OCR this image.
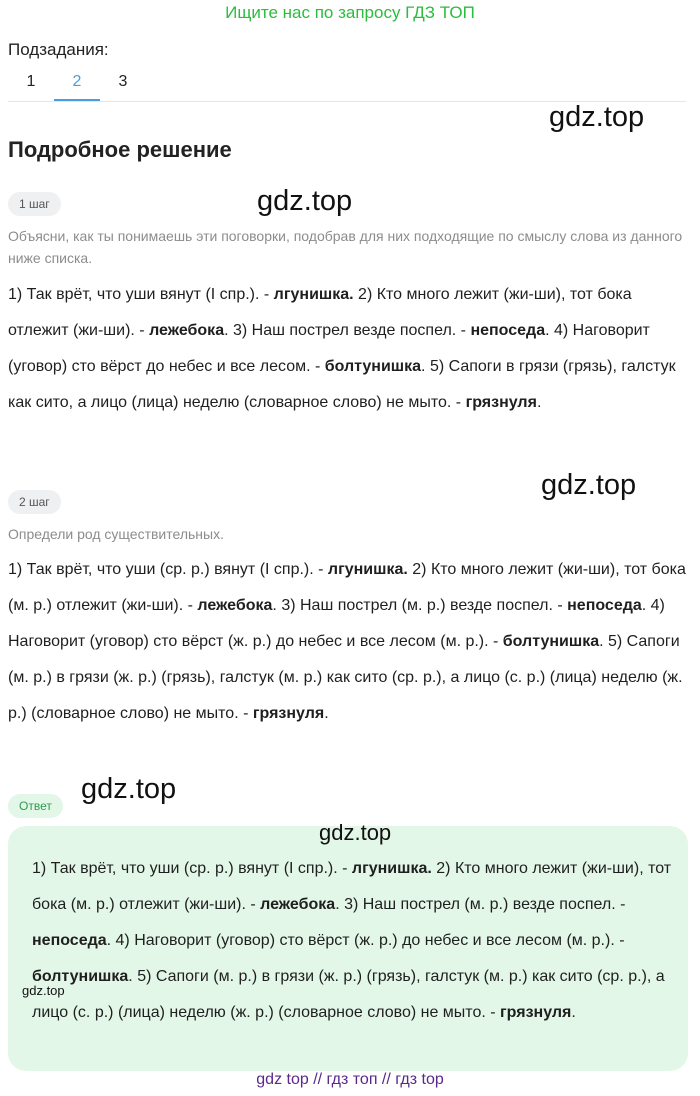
Ищите нас по запросу ГДЗ ТОП
Подзадания:
1	2	3
gdz.top
Подробное решение
1 шаг	gdz.top
Объясни, как ты понимаешь эти поговорки, подобрав для них подходящие по смыслу слова из данного ниже списка.
1) Так врёт, что уши вянут (I спр.). - лгунишка. 2) Кто много лежит (жи-ши), тот бока отлежит (жи-ши). - лежебока. 3) Наш пострел везде поспел. - непоседа. 4) Наговорит (уговор) сто вёрст до небес и все лесом. - болтунишка. 5) Сапоги в грязи (грязь), галстук как сито, а лицо (лица) неделю (словарное слово) не мыто. - грязнуля.
2 шаг
gdz.top
Определи род существительных.
1) Так врёт, что уши (ср. р.) вянут (I спр.). - лгунишка. 2) Кто много лежит (жи-ши), тот бока (м. р.) отлежит (жи-ши). - лежебока. 3) Наш пострел (м. р.) везде поспел. - непоседа. 4) Наговорит (уговор) сто вёрст (ж. р.) до небес и все лесом (м. р.). - болтунишка. 5) Сапоги (м. р.) в грязи (ж. р.) (грязь), галстук (м. р.) как сито (ср. р.), а лицо (с. р.) (лица) неделю (ж. р.) (словарное слово) не мыто. - грязнуля.
Ответ
gdz.top
gdz.top
1) Так врёт, что уши (ср. р.) вянут (I спр.). - лгунишка. 2) Кто много лежит (жи-ши), тот бока (м. р.) отлежит (жи-ши). - лежебока. 3) Наш пострел (м. р.) везде поспел. - непоседа. 4) Наговорит (уговор) сто вёрст (ж. р.) до небес и все лесом (м. р.). - болтунишка. 5) Сапоги (м. р.) в грязи (ж. р.) (грязь), галстук (м. р.) как сито (ср. р.), а лицо (с. р.) (лица) неделю (ж. р.) (словарное слово) не мыто. - грязнуля.
gdz.top
gdz top // гдз топ // гдз top
